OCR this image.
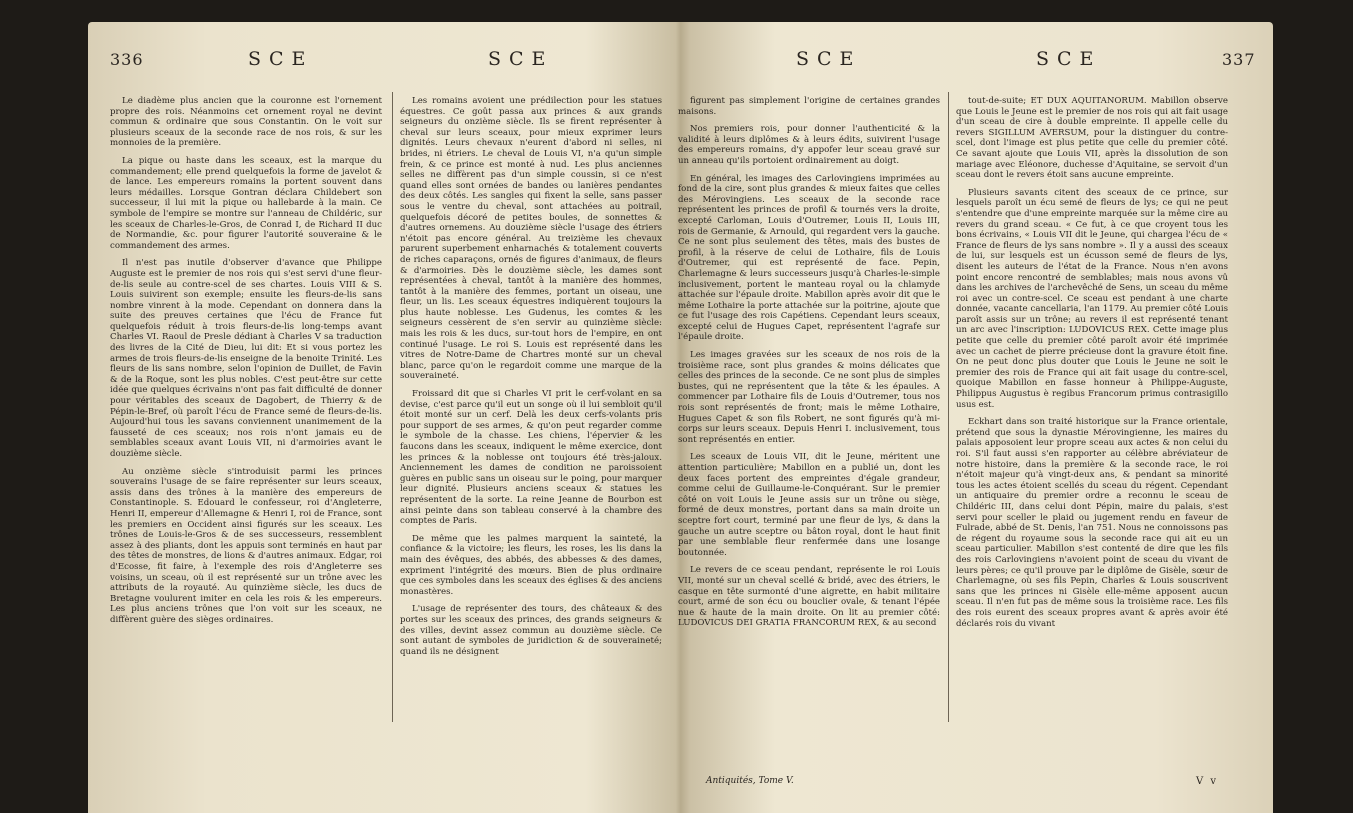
336	SCE	SCE

Le diadème plus ancien que la couronne est l'ornement propre des rois. Néanmoins cet ornement royal ne devint commun & ordinaire que sous Constantin. On le voit sur plusieurs sceaux de la seconde race de nos rois, & sur les monnoies de la première.

La pique ou haste dans les sceaux, est la marque du commandement; elle prend quelquefois la forme de javelot & de lance. Les empereurs romains la portent souvent dans leurs médailles. Lorsque Gontran déclara Childebert son successeur, il lui mit la pique ou hallebarde à la main. Ce symbole de l'empire se montre sur l'anneau de Childéric, sur les sceaux de Charles-le-Gros, de Conrad I, de Richard II duc de Normandie, &c. pour figurer l'autorité souveraine & le commandement des armes.

Il n'est pas inutile d'observer d'avance que Philippe Auguste est le premier de nos rois qui s'est servi d'une fleur-de-lis seule au contre-scel de ses chartes. Louis VIII & S. Louis suivirent son exemple; ensuite les fleurs-de-lis sans nombre vinrent à la mode. Cependant on donnera dans la suite des preuves certaines que l'écu de France fut quelquefois réduit à trois fleurs-de-lis long-temps avant Charles VI. Raoul de Presle dédiant à Charles V sa traduction des livres de la Cité de Dieu, lui dit: Et si vous portez les armes de trois fleurs-de-lis enseigne de la benoite Trinité. Les fleurs de lis sans nombre, selon l'opinion de Duillet, de Favin & de la Roque, sont les plus nobles. C'est peut-être sur cette idée que quelques écrivains n'ont pas fait difficulté de donner pour véritables des sceaux de Dagobert, de Thierry & de Pépin-le-Bref, où paroît l'écu de France semé de fleurs-de-lis. Aujourd'hui tous les savans conviennent unanimement de la fausseté de ces sceaux; nos rois n'ont jamais eu de semblables sceaux avant Louis VII, ni d'armoiries avant le douzième siècle.

Au onzième siècle s'introduisit parmi les princes souverains l'usage de se faire représenter sur leurs sceaux, assis dans des trônes à la manière des empereurs de Constantinople. S. Edouard le confesseur, roi d'Angleterre, Henri II, empereur d'Allemagne & Henri I, roi de France, sont les premiers en Occident ainsi figurés sur les sceaux. Les trônes de Louis-le-Gros & de ses successeurs, ressemblent assez à des pliants, dont les appuis sont terminés en haut par des têtes de monstres, de lions & d'autres animaux. Edgar, roi d'Ecosse, fit faire, à l'exemple des rois d'Angleterre ses voisins, un sceau, où il est représenté sur un trône avec les attributs de la royauté. Au quinzième siècle, les ducs de Bretagne voulurent imiter en cela les rois & les empereurs. Les plus anciens trônes que l'on voit sur les sceaux, ne diffèrent guère des sièges ordinaires.

Les romains avoient une prédilection pour les statues équestres. Ce goût passa aux princes & aux grands seigneurs du onzième siècle. Ils se firent représenter à cheval sur leurs sceaux, pour mieux exprimer leurs dignités. Leurs chevaux n'eurent d'abord ni selles, ni brides, ni étriers. Le cheval de Louis VI, n'a qu'un simple frein, & ce prince est monté à nud. Les plus anciennes selles ne diffèrent pas d'un simple coussin, si ce n'est quand elles sont ornées de bandes ou lanières pendantes des deux côtés. Les sangles qui fixent la selle, sans passer sous le ventre du cheval, sont attachées au poitrail, quelquefois décoré de petites boules, de sonnettes & d'autres ornemens. Au douzième siècle l'usage des étriers n'étoit pas encore général. Au treizième les chevaux parurent superbement enharnachés & totalement couverts de riches caparaçons, ornés de figures d'animaux, de fleurs & d'armoiries. Dès le douzième siècle, les dames sont représentées à cheval, tantôt à la manière des hommes, tantôt à la manière des femmes, portant un oiseau, une fleur, un lis. Les sceaux équestres indiquèrent toujours la plus haute noblesse. Les Gudenus, les comtes & les seigneurs cessèrent de s'en servir au quinzième siècle: mais les rois & les ducs, sur-tout hors de l'empire, en ont continué l'usage. Le roi S. Louis est représenté dans les vitres de Notre-Dame de Chartres monté sur un cheval blanc, parce qu'on le regardoit comme une marque de la souveraineté.

Froissard dit que si Charles VI prit le cerf-volant en sa devise, c'est parce qu'il eut un songe où il lui sembloit qu'il étoit monté sur un cerf. Delà les deux cerfs-volants pris pour support de ses armes, & qu'on peut regarder comme le symbole de la chasse. Les chiens, l'épervier & les faucons dans les sceaux, indiquent le même exercice, dont les princes & la noblesse ont toujours été très-jaloux. Anciennement les dames de condition ne paroissoient guères en public sans un oiseau sur le poing, pour marquer leur dignité. Plusieurs anciens sceaux & statues les représentent de la sorte. La reine Jeanne de Bourbon est ainsi peinte dans son tableau conservé à la chambre des comptes de Paris.

De même que les palmes marquent la sainteté, la confiance & la victoire; les fleurs, les roses, les lis dans la main des évêques, des abbés, des abbesses & des dames, expriment l'intégrité des mœurs. Bien de plus ordinaire que ces symboles dans les sceaux des églises & des anciens monastères.

L'usage de représenter des tours, des châteaux & des portes sur les sceaux des princes, des grands seigneurs & des villes, devint assez commun au douzième siècle. Ce sont autant de symboles de juridiction & de souveraineté; quand ils ne désignent

SCE	SCE	337

figurent pas simplement l'origine de certaines grandes maisons.

Nos premiers rois, pour donner l'authenticité & la validité à leurs diplômes & à leurs édits, suivirent l'usage des empereurs romains, d'y appofer leur sceau gravé sur un anneau qu'ils portoient ordinairement au doigt.

En général, les images des Carlovingiens imprimées au fond de la cire, sont plus grandes & mieux faites que celles des Mérovingiens. Les sceaux de la seconde race représentent les princes de profil & tournés vers la droite, excepté Carloman, Louis d'Outremer, Louis II, Louis III, rois de Germanie, & Arnould, qui regardent vers la gauche. Ce ne sont plus seulement des têtes, mais des bustes de profil, à la réserve de celui de Lothaire, fils de Louis d'Outremer, qui est représenté de face. Pepin, Charlemagne & leurs successeurs jusqu'à Charles-le-simple inclusivement, portent le manteau royal ou la chlamyde attachée sur l'épaule droite. Mabillon après avoir dit que le même Lothaire la porte attachée sur la poitrine, ajoute que ce fut l'usage des rois Capétiens. Cependant leurs sceaux, excepté celui de Hugues Capet, représentent l'agrafe sur l'épaule droite.

Les images gravées sur les sceaux de nos rois de la troisième race, sont plus grandes & moins délicates que celles des princes de la seconde. Ce ne sont plus de simples bustes, qui ne représentent que la tête & les épaules. A commencer par Lothaire fils de Louis d'Outremer, tous nos rois sont représentés de front; mais le même Lothaire, Hugues Capet & son fils Robert, ne sont figurés qu'à mi-corps sur leurs sceaux. Depuis Henri I. inclusivement, tous sont représentés en entier.

Les sceaux de Louis VII, dit le Jeune, méritent une attention particulière; Mabillon en a publié un, dont les deux faces portent des empreintes d'égale grandeur, comme celui de Guillaume-le-Conquérant. Sur le premier côté on voit Louis le Jeune assis sur un trône ou siège, formé de deux monstres, portant dans sa main droite un sceptre fort court, terminé par une fleur de lys, & dans la gauche un autre sceptre ou bâton royal, dont le haut finit par une semblable fleur renfermée dans une losange boutonnée.

Le revers de ce sceau pendant, représente le roi Louis VII, monté sur un cheval scellé & bridé, avec des étriers, le casque en tête surmonté d'une aigrette, en habit militaire court, armé de son écu ou bouclier ovale, & tenant l'épée nue & haute de la main droite. On lit au premier côté: LUDOVICUS DEI GRATIA FRANCORUM REX, & au second

tout-de-suite; ET DUX AQUITANORUM. Mabillon observe que Louis le Jeune est le premier de nos rois qui ait fait usage d'un sceau de cire à double empreinte. Il appelle celle du revers SIGILLUM AVERSUM, pour la distinguer du contre-scel, dont l'image est plus petite que celle du premier côté. Ce savant ajoute que Louis VII, après la dissolution de son mariage avec Eléonore, duchesse d'Aquitaine, se servoit d'un sceau dont le revers étoit sans aucune empreinte.

Plusieurs savants citent des sceaux de ce prince, sur lesquels paroît un écu semé de fleurs de lys; ce qui ne peut s'entendre que d'une empreinte marquée sur la même cire au revers du grand sceau. « Ce fut, à ce que croyent tous les bons écrivains, « Louis VII dit le Jeune, qui chargea l'écu de « France de fleurs de lys sans nombre ». Il y a aussi des sceaux de lui, sur lesquels est un écusson semé de fleurs de lys, disent les auteurs de l'état de la France. Nous n'en avons point encore rencontré de semblables; mais nous avons vû dans les archives de l'archevêché de Sens, un sceau du même roi avec un contre-scel. Ce sceau est pendant à une charte donnée, vacante cancellaria, l'an 1179. Au premier côté Louis paroît assis sur un trône; au revers il est représenté tenant un arc avec l'inscription: LUDOVICUS REX. Cette image plus petite que celle du premier côté paroît avoir été imprimée avec un cachet de pierre précieuse dont la gravure étoit fine. On ne peut donc plus douter que Louis le Jeune ne soit le premier des rois de France qui ait fait usage du contre-scel, quoique Mabillon en fasse honneur à Philippe-Auguste, Philippus Augustus è regibus Francorum primus contrasigillo usus est.

Eckhart dans son traité historique sur la France orientale, prétend que sous la dynastie Mérovingienne, les maires du palais apposoient leur propre sceau aux actes & non celui du roi. S'il faut aussi s'en rapporter au célèbre abréviateur de notre histoire, dans la première & la seconde race, le roi n'étoit majeur qu'à vingt-deux ans, & pendant sa minorité tous les actes étoient scellés du sceau du régent. Cependant un antiquaire du premier ordre a reconnu le sceau de Childéric III, dans celui dont Pépin, maire du palais, s'est servi pour sceller le plaid ou jugement rendu en faveur de Fulrade, abbé de St. Denis, l'an 751. Nous ne connoissons pas de régent du royaume sous la seconde race qui ait eu un sceau particulier. Mabillon s'est contenté de dire que les fils des rois Carlovingiens n'avoient point de sceau du vivant de leurs pères; ce qu'il prouve par le diplôme de Gisèle, sœur de Charlemagne, où ses fils Pepin, Charles & Louis souscrivent sans que les princes ni Gisèle elle-même apposent aucun sceau. Il n'en fut pas de même sous la troisième race. Les fils des rois eurent des sceaux propres avant & après avoir été déclarés rois du vivant

Antiquités, Tome V.	V v
